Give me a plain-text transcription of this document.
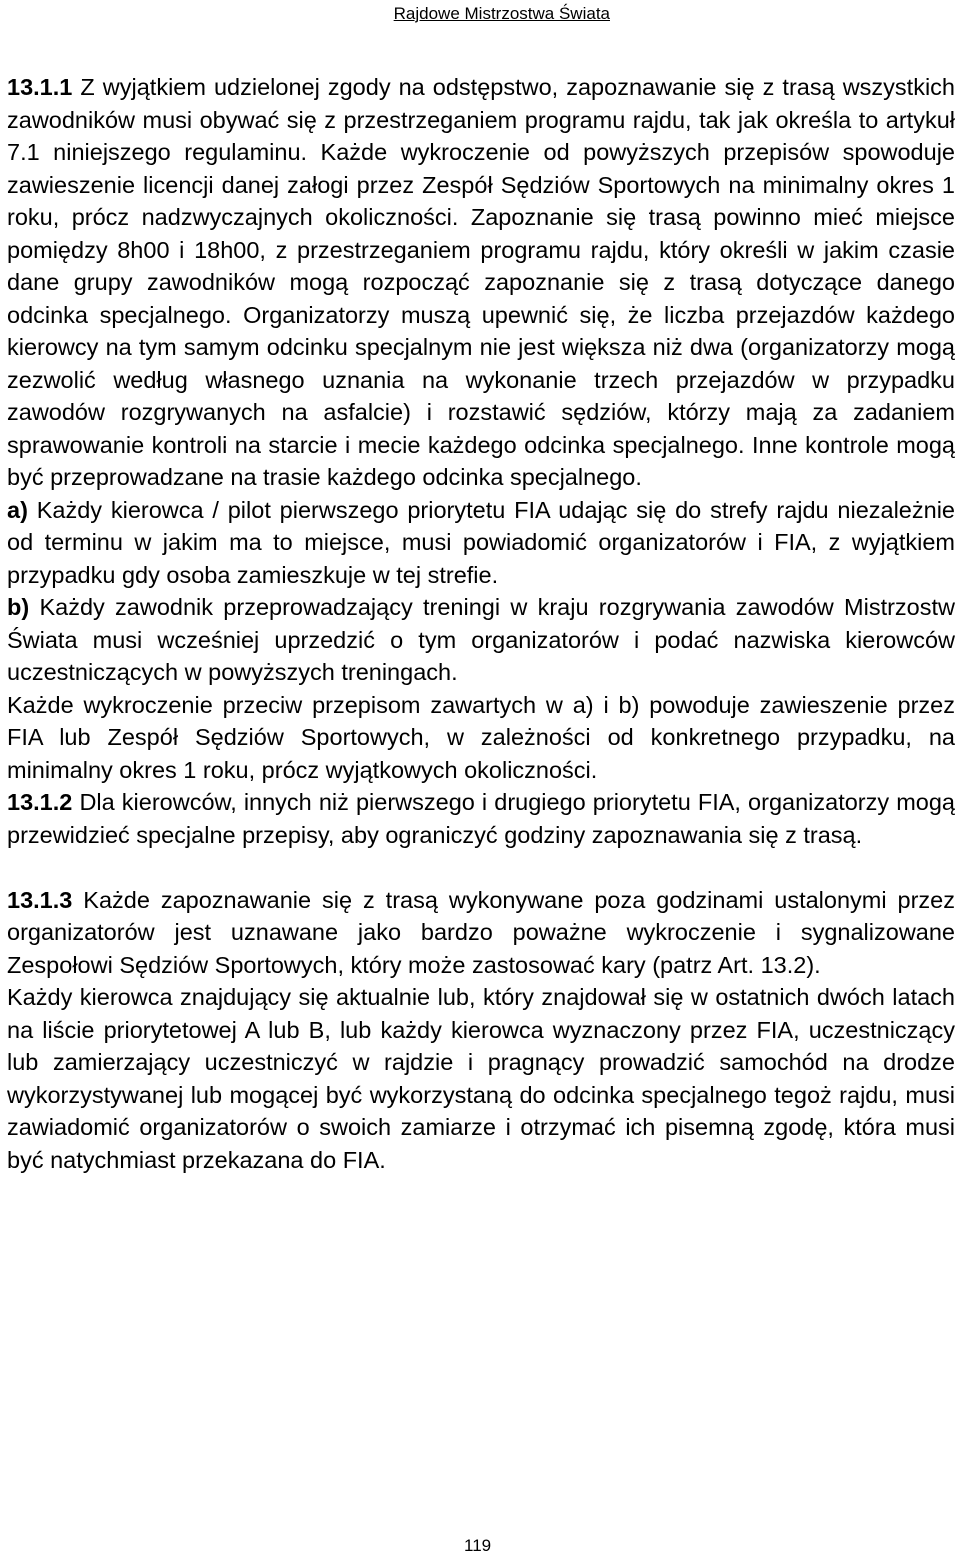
Rajdowe Mistrzostwa Świata

13.1.1 Z wyjątkiem udzielonej zgody na odstępstwo, zapoznawanie się z trasą wszystkich zawodników musi obywać się z przestrzeganiem programu rajdu, tak jak określa to artykuł 7.1 niniejszego regulaminu. Każde wykroczenie od powyższych przepisów spowoduje zawieszenie licencji danej załogi przez Zespół Sędziów Sportowych na minimalny okres 1 roku, prócz nadzwyczajnych okoliczności. Zapoznanie się trasą powinno mieć miejsce pomiędzy 8h00 i 18h00, z przestrzeganiem programu rajdu, który określi w jakim czasie dane grupy zawodników mogą rozpocząć zapoznanie się z trasą dotyczące danego odcinka specjalnego. Organizatorzy muszą upewnić się, że liczba przejazdów każdego kierowcy na tym samym odcinku specjalnym nie jest większa niż dwa (organizatorzy mogą zezwolić według własnego uznania na wykonanie trzech przejazdów w przypadku zawodów rozgrywanych na asfalcie) i rozstawić sędziów, którzy mają za zadaniem sprawowanie kontroli na starcie i mecie każdego odcinka specjalnego. Inne kontrole mogą być przeprowadzane na trasie każdego odcinka specjalnego.

a) Każdy kierowca / pilot pierwszego priorytetu FIA udając się do strefy rajdu niezależnie od terminu w jakim ma to miejsce, musi powiadomić organizatorów i FIA, z wyjątkiem przypadku gdy osoba zamieszkuje w tej strefie.

b) Każdy zawodnik przeprowadzający treningi w kraju rozgrywania zawodów Mistrzostw Świata musi wcześniej uprzedzić o tym organizatorów i podać nazwiska kierowców uczestniczących w powyższych treningach.

Każde wykroczenie przeciw przepisom zawartych w a) i b) powoduje zawieszenie przez FIA lub Zespół Sędziów Sportowych, w zależności od konkretnego przypadku, na minimalny okres 1 roku, prócz wyjątkowych okoliczności.

13.1.2 Dla kierowców, innych niż pierwszego i drugiego priorytetu FIA, organizatorzy mogą przewidzieć specjalne przepisy, aby ograniczyć godziny zapoznawania się z trasą.

13.1.3 Każde zapoznawanie się z trasą wykonywane poza godzinami ustalonymi przez organizatorów jest uznawane jako bardzo poważne wykroczenie i sygnalizowane Zespołowi Sędziów Sportowych, który może zastosować kary (patrz Art. 13.2).

Każdy kierowca znajdujący się aktualnie lub, który znajdował się w ostatnich dwóch latach na liście priorytetowej A lub B, lub każdy kierowca wyznaczony przez FIA, uczestniczący lub zamierzający uczestniczyć w rajdzie i pragnący prowadzić samochód na drodze wykorzystywanej lub mogącej być wykorzystaną do odcinka specjalnego tegoż rajdu, musi zawiadomić organizatorów o swoich zamiarze i otrzymać ich pisemną zgodę, która musi być natychmiast przekazana do FIA.

119
